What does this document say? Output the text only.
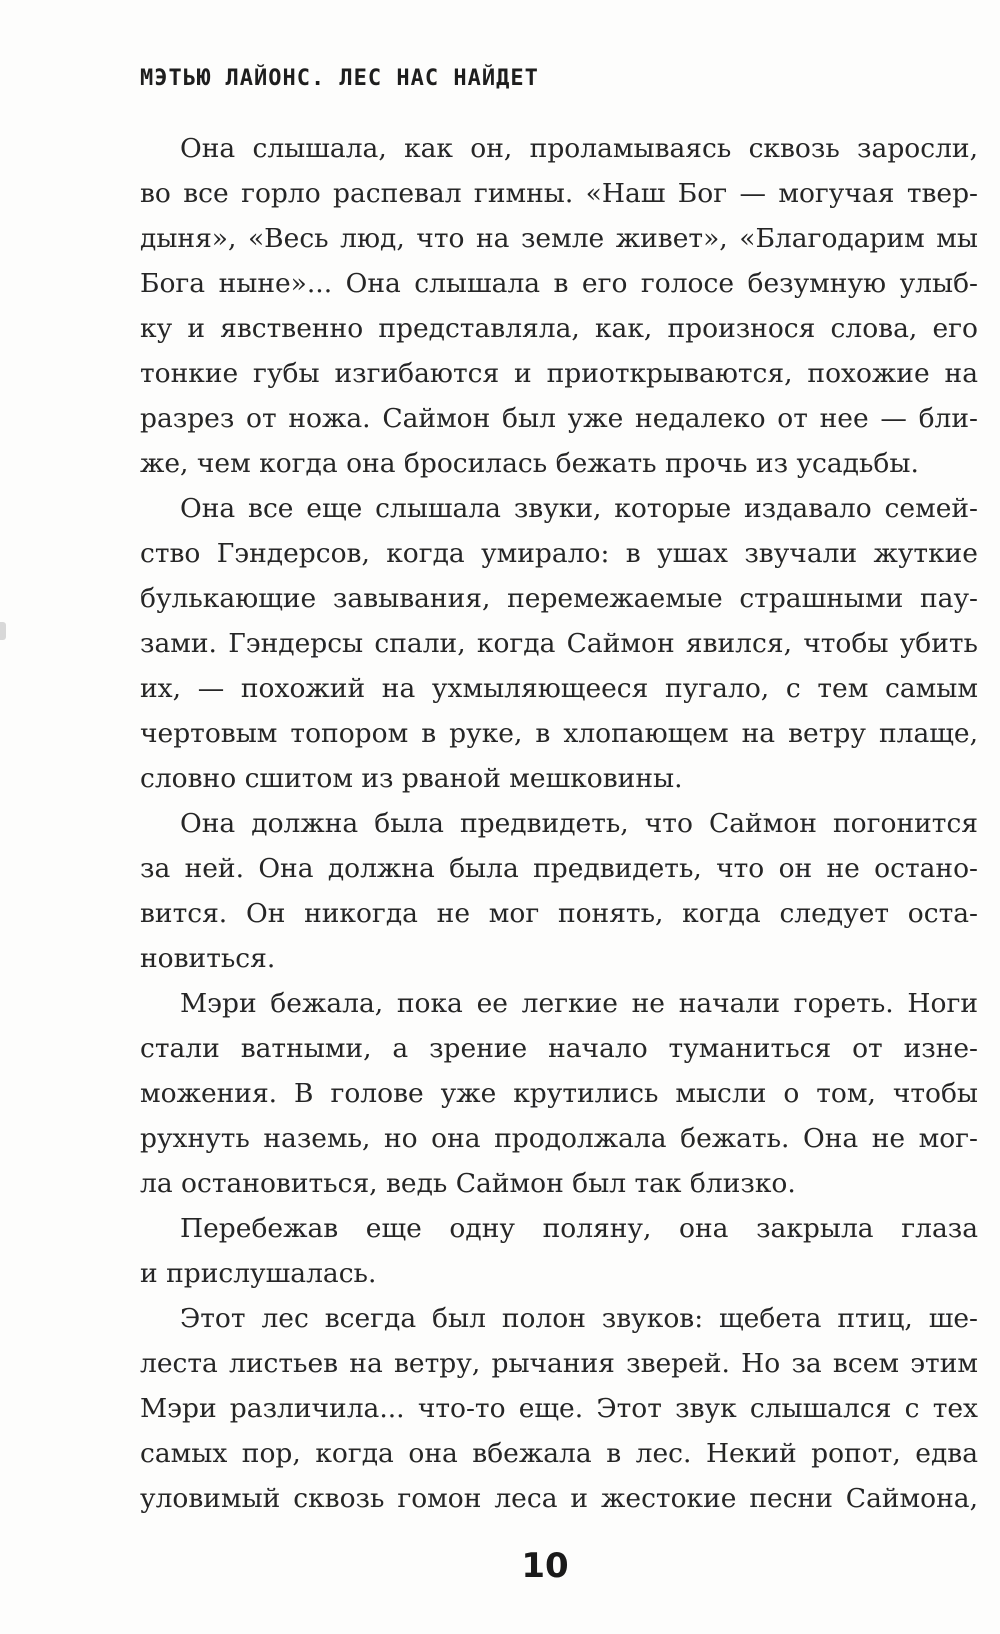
МЭТЬЮ ЛАЙОНС. ЛЕС НАС НАЙДЕТ

Она слышала, как он, проламываясь сквозь заросли,
во все горло распевал гимны. «Наш Бог — могучая твер-
дыня», «Весь люд, что на земле живет», «Благодарим мы
Бога ныне»... Она слышала в его голосе безумную улыб-
ку и явственно представляла, как, произнося слова, его
тонкие губы изгибаются и приоткрываются, похожие на
разрез от ножа. Саймон был уже недалеко от нее — бли-
же, чем когда она бросилась бежать прочь из усадьбы.

Она все еще слышала звуки, которые издавало семей-
ство Гэндерсов, когда умирало: в ушах звучали жуткие
булькающие завывания, перемежаемые страшными пау-
зами. Гэндерсы спали, когда Саймон явился, чтобы убить
их, — похожий на ухмыляющееся пугало, с тем самым
чертовым топором в руке, в хлопающем на ветру плаще,
словно сшитом из рваной мешковины.

Она должна была предвидеть, что Саймон погонится
за ней. Она должна была предвидеть, что он не остано-
вится. Он никогда не мог понять, когда следует оста-
новиться.

Мэри бежала, пока ее легкие не начали гореть. Ноги
стали ватными, а зрение начало туманиться от изне-
можения. В голове уже крутились мысли о том, чтобы
рухнуть наземь, но она продолжала бежать. Она не мог-
ла остановиться, ведь Саймон был так близко.

Перебежав еще одну поляну, она закрыла глаза
и прислушалась.

Этот лес всегда был полон звуков: щебета птиц, ше-
леста листьев на ветру, рычания зверей. Но за всем этим
Мэри различила... что-то еще. Этот звук слышался с тех
самых пор, когда она вбежала в лес. Некий ропот, едва
уловимый сквозь гомон леса и жестокие песни Саймона,

10
